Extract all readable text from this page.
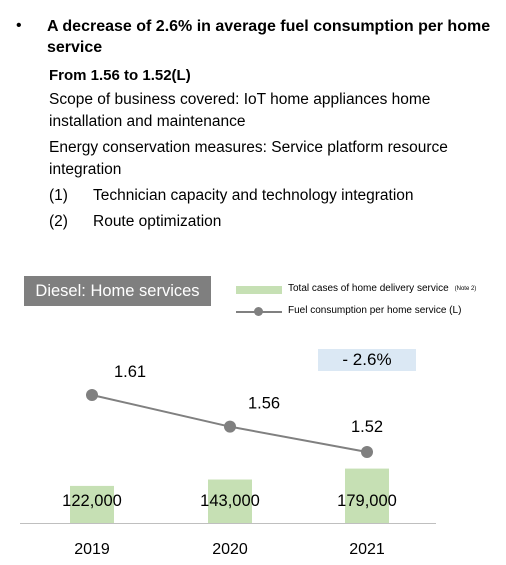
• A decrease of 2.6% in average fuel consumption per home service
From 1.56 to 1.52(L)
Scope of business covered: IoT home appliances home installation and maintenance
Energy conservation measures: Service platform resource integration
(1) Technician capacity and technology integration
(2) Route optimization
122,000	143,000	179,000
2019	2020	2021
1.61
1.56
1.52
Diesel: Home services	Total cases of home delivery service $^{(Note 2)}$
Fuel consumption per home service (L)
- 2.6%
